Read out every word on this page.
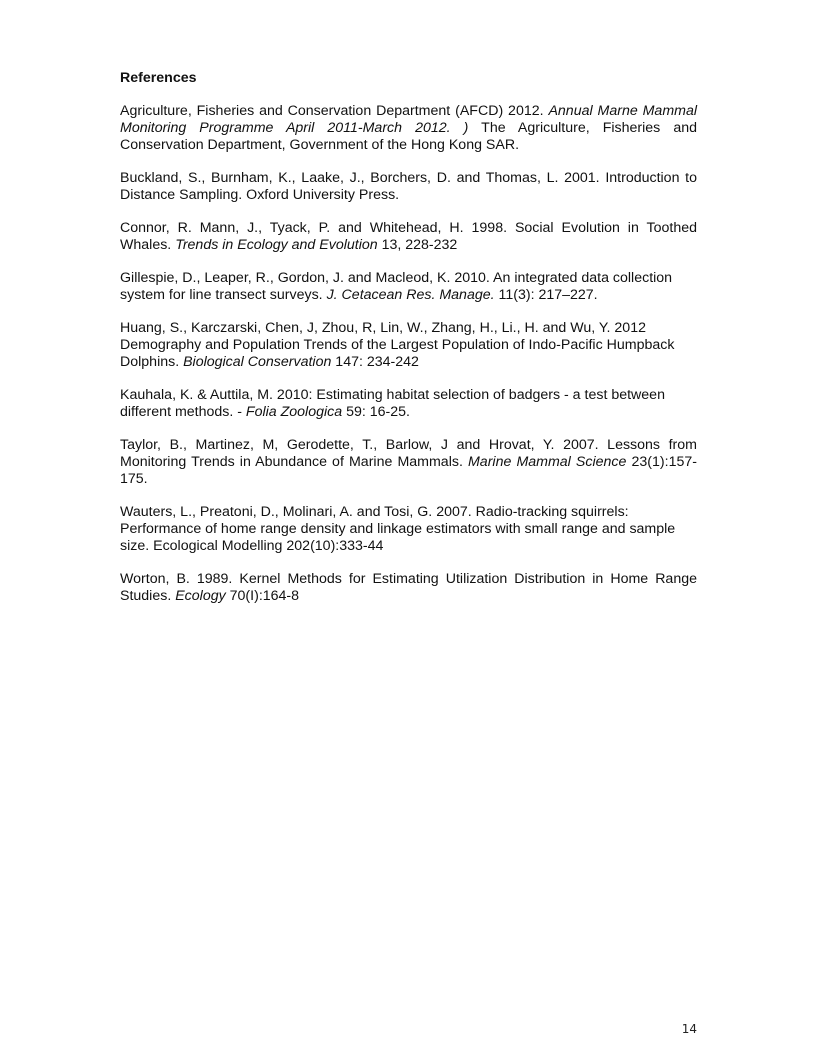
References

Agriculture, Fisheries and Conservation Department (AFCD) 2012. Annual Marne Mammal Monitoring Programme April 2011-March 2012. ) The Agriculture, Fisheries and Conservation Department, Government of the Hong Kong SAR.

Buckland, S., Burnham, K., Laake, J., Borchers, D. and Thomas, L. 2001. Introduction to Distance Sampling. Oxford University Press.

Connor, R. Mann, J., Tyack, P. and Whitehead, H. 1998. Social Evolution in Toothed Whales. Trends in Ecology and Evolution 13, 228-232

Gillespie, D., Leaper, R., Gordon, J. and Macleod, K. 2010. An integrated data collection system for line transect surveys. J. Cetacean Res. Manage. 11(3): 217–227.

Huang, S., Karczarski, Chen, J, Zhou, R, Lin, W., Zhang, H., Li., H. and Wu, Y. 2012 Demography and Population Trends of the Largest Population of Indo-Pacific Humpback Dolphins. Biological Conservation 147: 234-242

Kauhala, K. & Auttila, M. 2010: Estimating habitat selection of badgers - a test between different methods. - Folia Zoologica 59: 16-25.

Taylor, B., Martinez, M, Gerodette, T., Barlow, J and Hrovat, Y. 2007. Lessons from Monitoring Trends in Abundance of Marine Mammals. Marine Mammal Science 23(1):157-175.

Wauters, L., Preatoni, D., Molinari, A. and Tosi, G. 2007. Radio-tracking squirrels: Performance of home range density and linkage estimators with small range and sample size. Ecological Modelling 202(10):333-44

Worton, B. 1989. Kernel Methods for Estimating Utilization Distribution in Home Range Studies. Ecology 70(I):164-8

14
